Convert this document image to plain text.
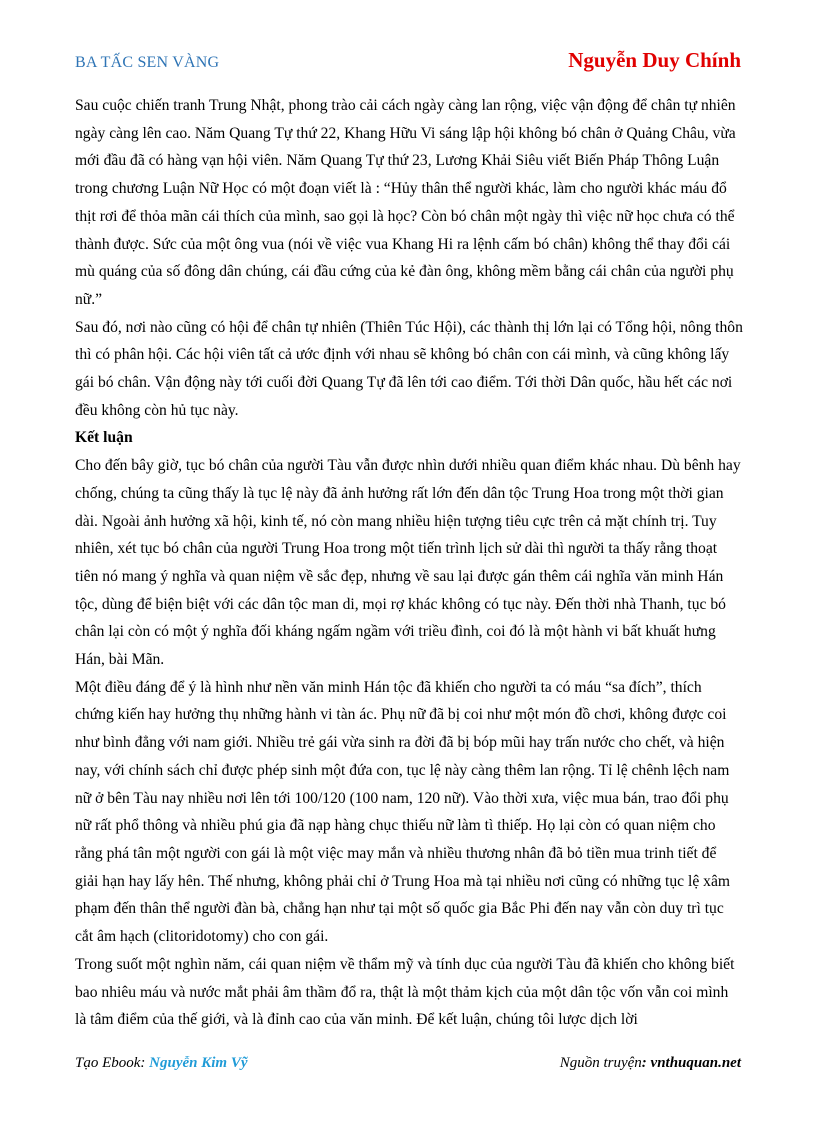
BA TẤC SEN VÀNG	Nguyễn Duy Chính

Sau cuộc chiến tranh Trung Nhật, phong trào cải cách ngày càng lan rộng, việc vận động để chân tự nhiên ngày càng lên cao. Năm Quang Tự thứ 22, Khang Hữu Vi sáng lập hội không bó chân ở Quảng Châu, vừa mới đầu đã có hàng vạn hội viên. Năm Quang Tự thứ 23, Lương Khải Siêu viết Biến Pháp Thông Luận trong chương Luận Nữ Học có một đoạn viết là : “Hủy thân thể người khác, làm cho người khác máu đổ thịt rơi để thỏa mãn cái thích của mình, sao gọi là học? Còn bó chân một ngày thì việc nữ học chưa có thể thành được. Sức của một ông vua (nói về việc vua Khang Hi ra lệnh cấm bó chân) không thể thay đổi cái mù quáng của số đông dân chúng, cái đầu cứng của kẻ đàn ông, không mềm bằng cái chân của người phụ nữ.”

Sau đó, nơi nào cũng có hội để chân tự nhiên (Thiên Túc Hội), các thành thị lớn lại có Tổng hội, nông thôn thì có phân hội. Các hội viên tất cả ước định với nhau sẽ không bó chân con cái mình, và cũng không lấy gái bó chân. Vận động này tới cuối đời Quang Tự đã lên tới cao điểm. Tới thời Dân quốc, hầu hết các nơi đều không còn hủ tục này.

Kết luận

Cho đến bây giờ, tục bó chân của người Tàu vẫn được nhìn dưới nhiều quan điểm khác nhau. Dù bênh hay chống, chúng ta cũng thấy là tục lệ này đã ảnh hưởng rất lớn đến dân tộc Trung Hoa trong một thời gian dài. Ngoài ảnh hưởng xã hội, kinh tế, nó còn mang nhiều hiện tượng tiêu cực trên cả mặt chính trị. Tuy nhiên, xét tục bó chân của người Trung Hoa trong một tiến trình lịch sử dài thì người ta thấy rằng thoạt tiên nó mang ý nghĩa và quan niệm về sắc đẹp, nhưng về sau lại được gán thêm cái nghĩa văn minh Hán tộc, dùng để biện biệt với các dân tộc man di, mọi rợ khác không có tục này. Đến thời nhà Thanh, tục bó chân lại còn có một ý nghĩa đối kháng ngấm ngầm với triều đình, coi đó là một hành vi bất khuất hưng Hán, bài Mãn.

Một điều đáng để ý là hình như nền văn minh Hán tộc đã khiến cho người ta có máu “sa đích”, thích chứng kiến hay hưởng thụ những hành vi tàn ác. Phụ nữ đã bị coi như một món đồ chơi, không được coi như bình đẳng với nam giới. Nhiều trẻ gái vừa sinh ra đời đã bị bóp mũi hay trấn nước cho chết, và hiện nay, với chính sách chỉ được phép sinh một đứa con, tục lệ này càng thêm lan rộng. Tỉ lệ chênh lệch nam nữ ở bên Tàu nay nhiều nơi lên tới 100/120 (100 nam, 120 nữ). Vào thời xưa, việc mua bán, trao đổi phụ nữ rất phổ thông và nhiều phú gia đã nạp hàng chục thiếu nữ làm tì thiếp. Họ lại còn có quan niệm cho rằng phá tân một người con gái là một việc may mắn và nhiều thương nhân đã bỏ tiền mua trinh tiết để giải hạn hay lấy hên. Thế nhưng, không phải chỉ ở Trung Hoa mà tại nhiều nơi cũng có những tục lệ xâm phạm đến thân thể người đàn bà, chẳng hạn như tại một số quốc gia Bắc Phi đến nay vẫn còn duy trì tục cắt âm hạch (clitoridotomy) cho con gái.

Trong suốt một nghìn năm, cái quan niệm về thẩm mỹ và tính dục của người Tàu đã khiến cho không biết bao nhiêu máu và nước mắt phải âm thầm đổ ra, thật là một thảm kịch của một dân tộc vốn vẫn coi mình là tâm điểm của thế giới, và là đỉnh cao của văn minh. Để kết luận, chúng tôi lược dịch lời

Tạo Ebook: Nguyễn Kim Vỹ	Nguồn truyện: vnthuquan.net
